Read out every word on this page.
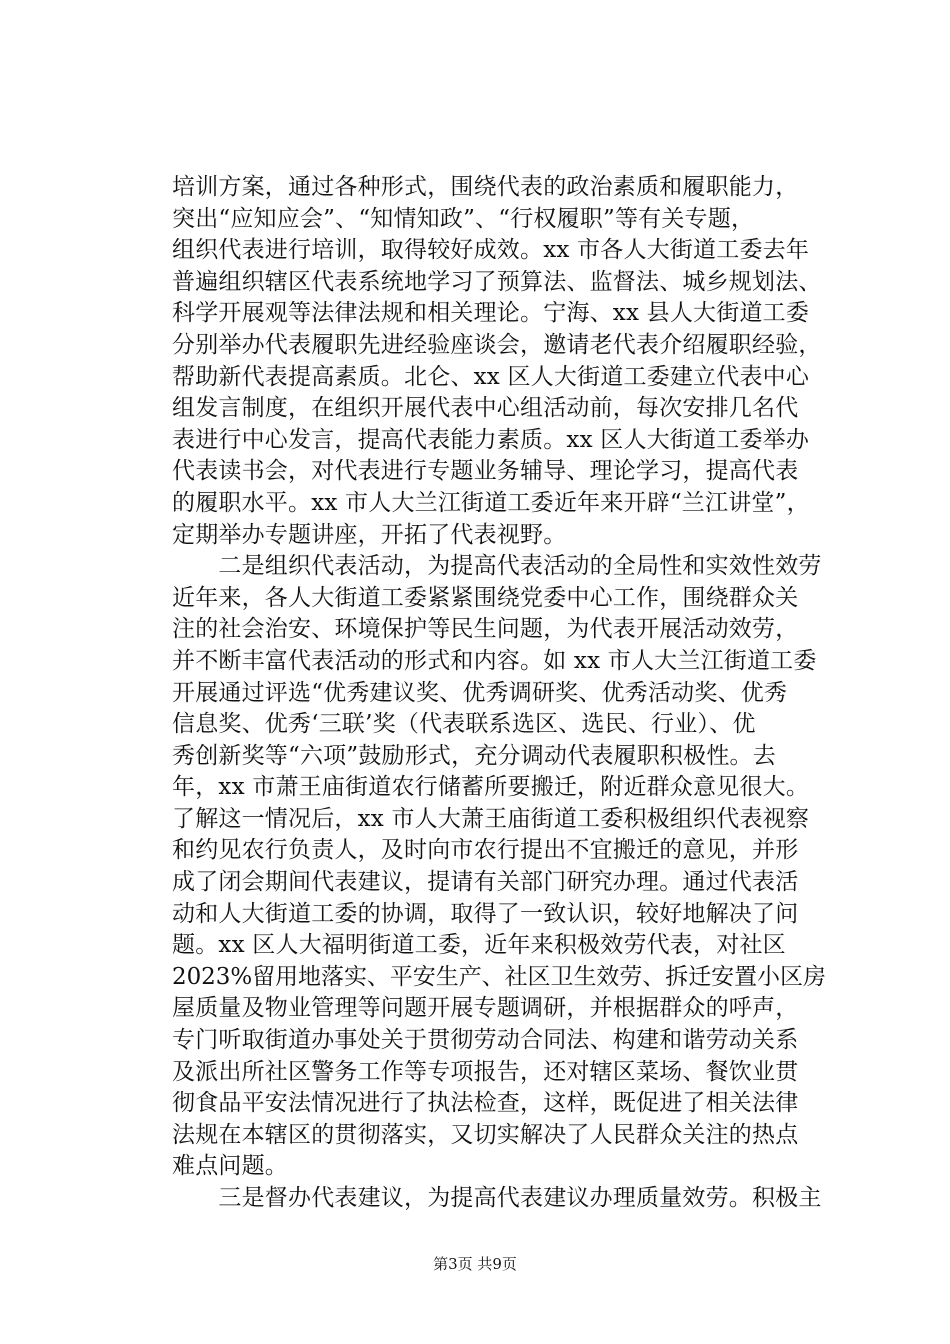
培训方案，通过各种形式，围绕代表的政治素质和履职能力，
突出“应知应会”、“知情知政”、“行权履职”等有关专题，
组织代表进行培训，取得较好成效。xx 市各人大街道工委去年
普遍组织辖区代表系统地学习了预算法、监督法、城乡规划法、
科学开展观等法律法规和相关理论。宁海、xx 县人大街道工委
分别举办代表履职先进经验座谈会，邀请老代表介绍履职经验，
帮助新代表提高素质。北仑、xx 区人大街道工委建立代表中心
组发言制度，在组织开展代表中心组活动前，每次安排几名代
表进行中心发言，提高代表能力素质。xx 区人大街道工委举办
代表读书会，对代表进行专题业务辅导、理论学习，提高代表
的履职水平。xx 市人大兰江街道工委近年来开辟“兰江讲堂”，
定期举办专题讲座，开拓了代表视野。
　　二是组织代表活动，为提高代表活动的全局性和实效性效劳
近年来，各人大街道工委紧紧围绕党委中心工作，围绕群众关
注的社会治安、环境保护等民生问题，为代表开展活动效劳，
并不断丰富代表活动的形式和内容。如 xx 市人大兰江街道工委
开展通过评选“优秀建议奖、优秀调研奖、优秀活动奖、优秀
信息奖、优秀‘三联’奖（代表联系选区、选民、行业）、优
秀创新奖等“六项”鼓励形式，充分调动代表履职积极性。去
年，xx 市萧王庙街道农行储蓄所要搬迁，附近群众意见很大。
了解这一情况后，xx 市人大萧王庙街道工委积极组织代表视察
和约见农行负责人，及时向市农行提出不宜搬迁的意见，并形
成了闭会期间代表建议，提请有关部门研究办理。通过代表活
动和人大街道工委的协调，取得了一致认识，较好地解决了问
题。xx 区人大福明街道工委，近年来积极效劳代表，对社区
2023%留用地落实、平安生产、社区卫生效劳、拆迁安置小区房
屋质量及物业管理等问题开展专题调研，并根据群众的呼声，
专门听取街道办事处关于贯彻劳动合同法、构建和谐劳动关系
及派出所社区警务工作等专项报告，还对辖区菜场、餐饮业贯
彻食品平安法情况进行了执法检查，这样，既促进了相关法律
法规在本辖区的贯彻落实，又切实解决了人民群众关注的热点
难点问题。
　　三是督办代表建议，为提高代表建议办理质量效劳。积极主
第3页 共9页
